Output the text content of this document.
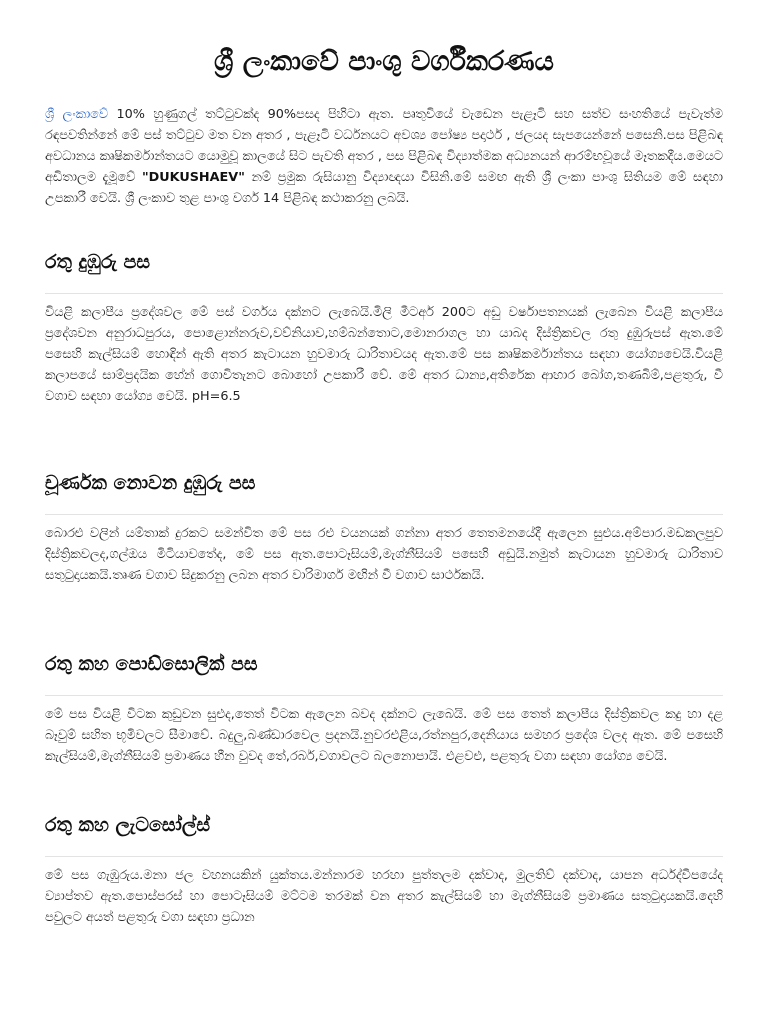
ශ්‍රී ලංකාවේ පාංශු වර්ගීකරණය

ශ්‍රී ලංකාවේ 10% හුණුගල් තට්ටුවක්ද 90%පසද පිහිටා ඇත. පෘතුවියේ වැඩෙන පැළෑටි සහ සත්ව සංහතියේ පැවැත්ම රඳපවතින්නේ මේ පස් තට්ටුව මත වන අතර , පැළෑටි වර්ධනයට අවශ්‍ය පෝෂ්‍ය පදාර්ථ , ජලයද සැපයෙන්නේ පසෙනි.පස පිළිබඳ අවධානය කෘෂිකර්මාන්තයට යොමුවූ කාලයේ සිට පැවති අතර , පස පිළිබඳ විද්‍යාත්මක අධ්‍යනයන් ආරම්භවූයේ මෑතකදීය.මෙයට අඩිතාලම දැමූවේ "DUKUSHAEV" නම් ප්‍රමුක රුසියානු විද්‍යාඥයා විසිනි.මේ සමඟ ඇති ශ්‍රී ලංකා පාංශු සිතියම මේ සඳහා උපකාරී වෙයි. ශ්‍රී ලංකාව තුළ පාංශු වර්ග 14 පිළිබඳ කථාකරනු ලබයි.

රතු දුඹුරු පස

වියළි කලාපීය ප්‍රදේශවල මේ පස් වර්ගය දක්නට ලැබෙයි.මිලි මීටර්අ 200ට අඩු වර්ෂාපතනයක් ලැබෙන වියළි කලාපීය ප්‍රදේශවන අනුරාධපුරය, පොළොන්නරුව,වව්නියාව,හම්බන්තොට,මොනරාගල හා යාබද දිස්ත්‍රිකවල රතු දුඹුරුපස් ඇත.මේ පසෙහි කැල්සියම් හොඳින් ඇති අතර කැටායන හුවමාරු ධාරිතාවයද ඇත.මේ පස කෘෂිකර්මාන්තය සඳහා යෝග්‍යවෙයි.වියළි කලාපයේ සාම්ප්‍රදයික හේන් ගොවිතැනට බොහෝ උපකාරී වේ. මේ අතර ධාන්‍ය,අතිරේක ආහාර බෝග,තණබිම්,පළතුරු, වී වගාව සඳහා යෝග්‍ය වෙයි. pH=6.5

චූර්ණක නොවන දුඹුරු පස

බොරළු වලින් යම්තාක් දුරකට සමන්විත මේ පස රළු වයනයක් ගන්නා අතර තෙතමනයේදී ඇලෙන සුළුය.අම්පාර.මඩකලපුව දිස්ත්‍රිකවලද,ගල්ඔය මිටියාවතේද, මේ පස ඇත.පොටෑසියම්,මැග්නීසියම් පසෙහි අඩුයි.නමුත් කැටායන හුවමාරු ධාරිතාව සතුටුදායකයි.තෘණ වගාව සිදුකරනු ලබන අතර වාරිමාර්ග මඟින් වී වගාව සාර්ථකයි.

රතු කහ පොඩ්සොලික් පස

මේ පස වියළි විටක කුඩුවන සුළුද,තෙත් විටක ඇලෙන බවද දක්නට ලැබෙයි. මේ පස තෙත් කලාපීය දිස්ත්‍රිකවල කදු හා දළ බෑවුම් සහිත භූමිවලට සීමාවේ. බදුලු,බණ්ඩාරවෙල ප්‍රදනයි.නුවරඑළිය,රත්නපුර,දෙනියාය සමහර ප්‍රදේශ වලද ඇත. මේ පසෙහි කැල්සියම්,මැග්නීසියම් ප්‍රමාණය හීන වුවද තේ,රබර්,වගාවලට බලනොපායි. එළවළු, පළතුරු වගා සඳහා යෝග්‍ය වෙයි.

රතු කහ ලැටසෝල්ස්

මේ පස ගැඹුරුය.මනා ජල වහනයකින් යුක්තය.මන්නාරම හරහා පුත්තලම දක්වාද, මුලතිව් දක්වාද, යාපන අර්ධද්වීපයේද ව්‍යාප්තව ඇත.පොස්පරස් හා පොටෑසියම් මට්ටම තරමක් වන අතර කැල්සියම් හා මැග්නීසියම් ප්‍රමාණය සතුටුදායකයි.දෙහි පවුලට අයත් පළතුරු වගා සඳහා ප්‍රධාන
